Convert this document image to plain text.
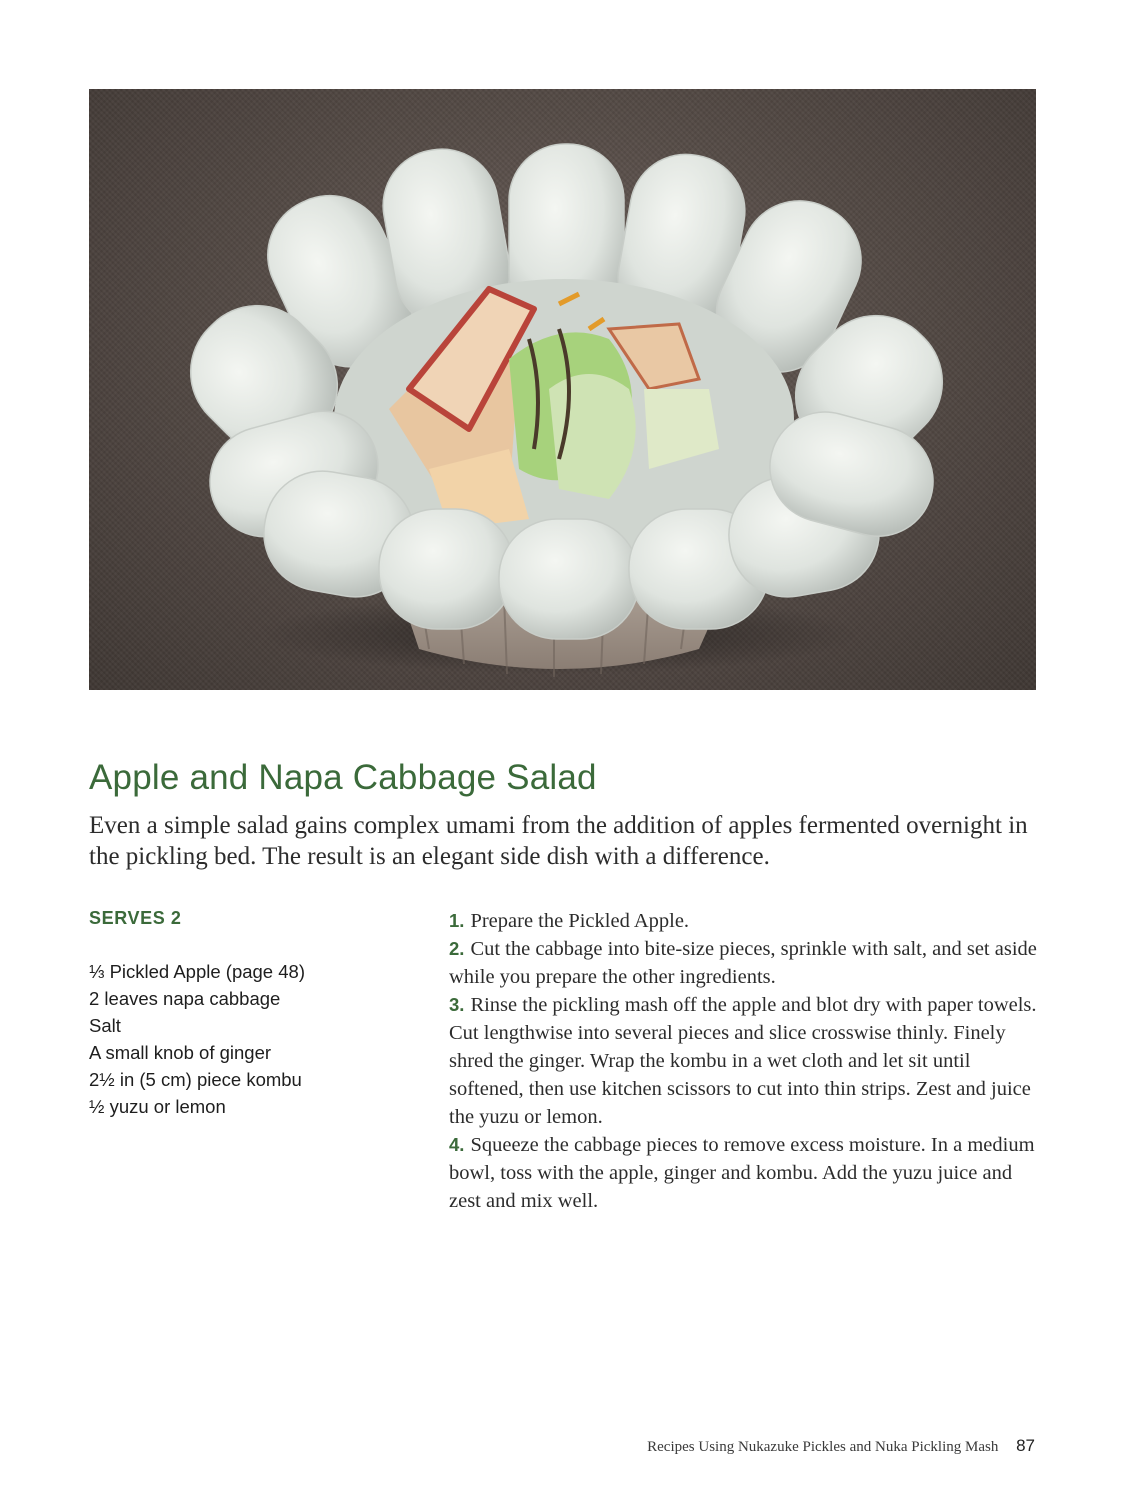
Apple and Napa Cabbage Salad

Even a simple salad gains complex umami from the addition of apples fermented overnight in the pickling bed. The result is an elegant side dish with a difference.

SERVES 2
⅓ Pickled Apple (page 48)
2 leaves napa cabbage
Salt
A small knob of ginger
2½ in (5 cm) piece kombu
½ yuzu or lemon
1. Prepare the Pickled Apple.
2. Cut the cabbage into bite-size pieces, sprinkle with salt, and set aside while you prepare the other ingredients.
3. Rinse the pickling mash off the apple and blot dry with paper towels. Cut lengthwise into several pieces and slice crosswise thinly. Finely shred the ginger. Wrap the kombu in a wet cloth and let sit until softened, then use kitchen scissors to cut into thin strips. Zest and juice the yuzu or lemon.
4. Squeeze the cabbage pieces to remove excess moisture. In a medium bowl, toss with the apple, ginger and kombu. Add the yuzu juice and zest and mix well.
Recipes Using Nukazuke Pickles and Nuka Pickling Mash 87
